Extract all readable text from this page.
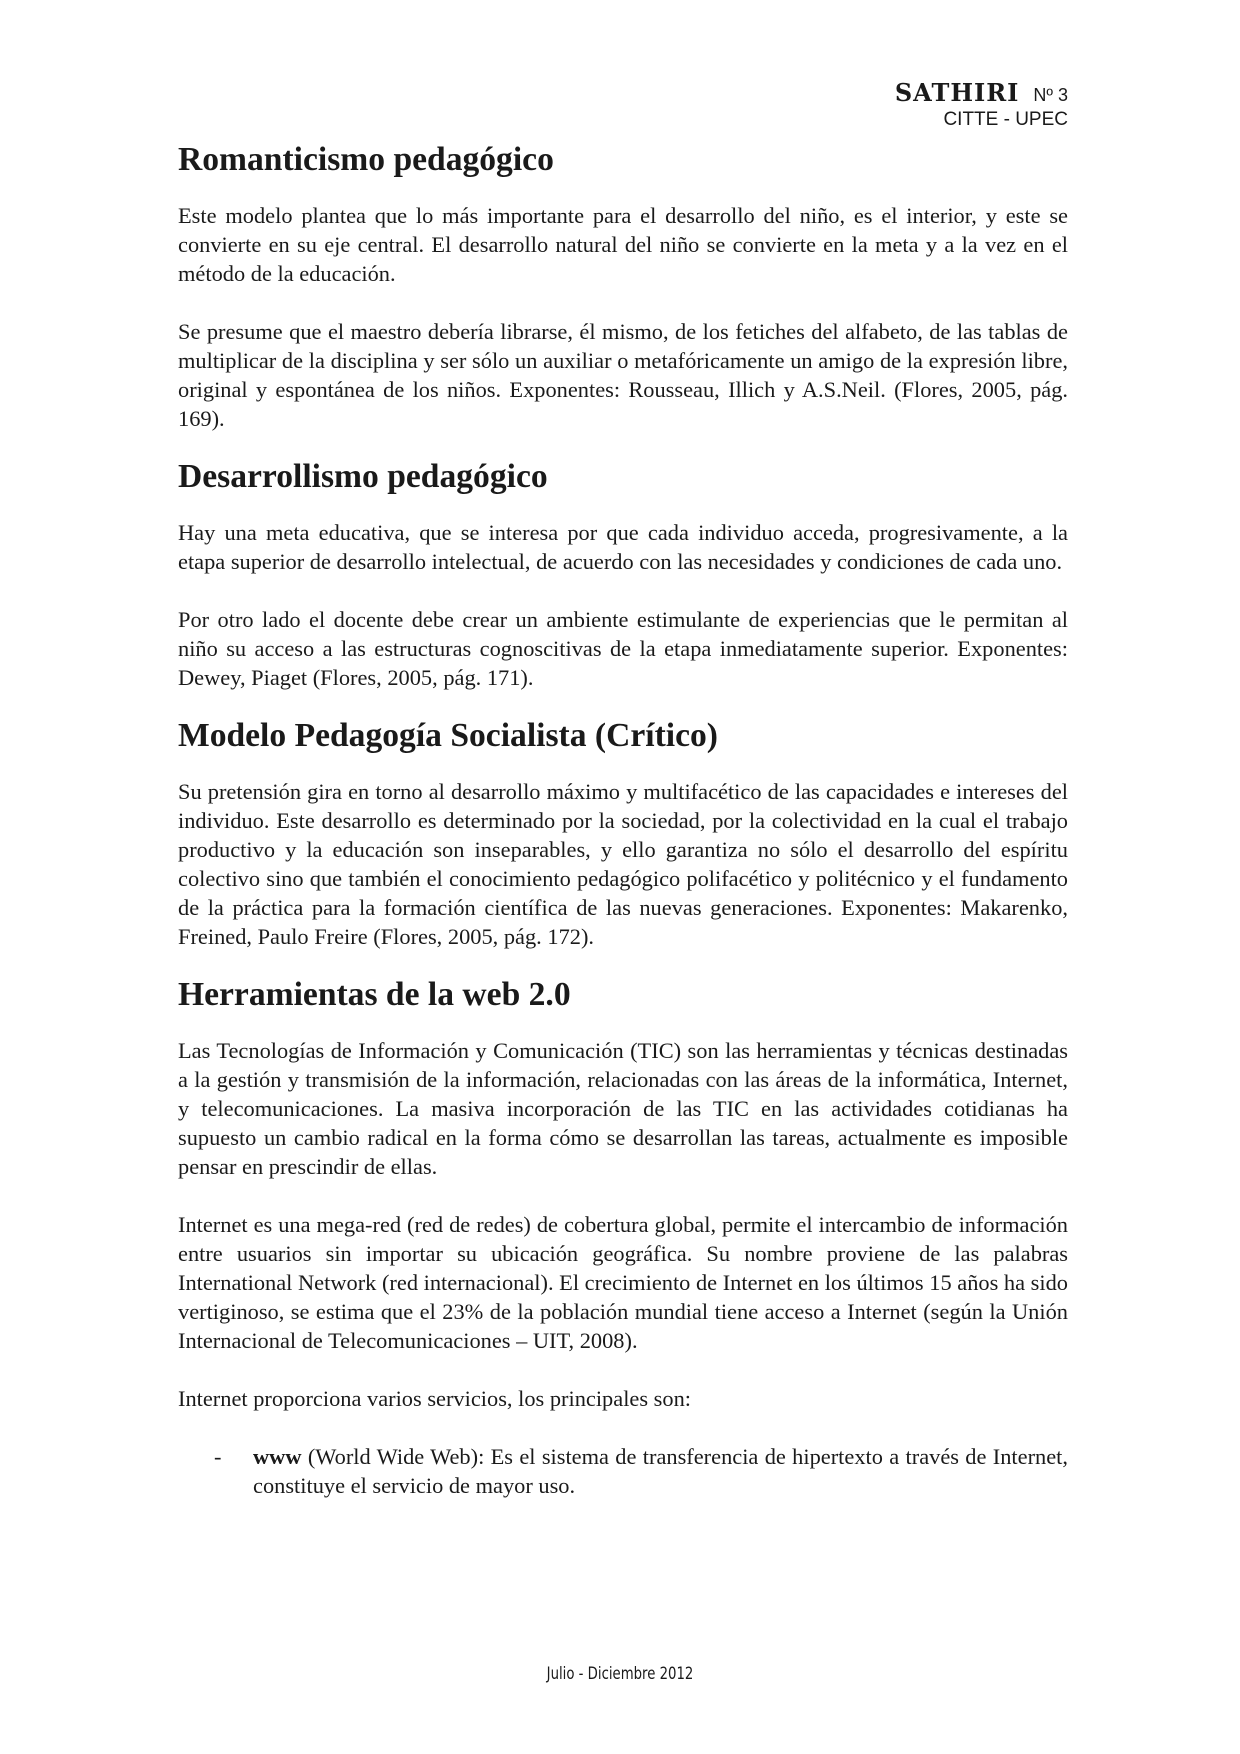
SATHIRI Nº 3
CITTE - UPEC
Romanticismo pedagógico

Este modelo plantea que lo más importante para el desarrollo del niño, es el interior, y este se convierte en su eje central. El desarrollo natural del niño se convierte en la meta y a la vez en el método de la educación.

Se presume que el maestro debería librarse, él mismo, de los fetiches del alfabeto, de las tablas de multiplicar de la disciplina y ser sólo un auxiliar o metafóricamente un amigo de la expresión libre, original y espontánea de los niños. Exponentes: Rousseau, Illich y A.S.Neil. (Flores, 2005, pág. 169).

Desarrollismo pedagógico

Hay una meta educativa, que se interesa por que cada individuo acceda, progresivamente, a la etapa superior de desarrollo intelectual, de acuerdo con las necesidades y condiciones de cada uno.

Por otro lado el docente debe crear un ambiente estimulante de experiencias que le permitan al niño su acceso a las estructuras cognoscitivas de la etapa inmediatamente superior. Exponentes: Dewey, Piaget (Flores, 2005, pág. 171).

Modelo Pedagogía Socialista (Crítico)

Su pretensión gira en torno al desarrollo máximo y multifacético de las capacidades e intereses del individuo. Este desarrollo es determinado por la sociedad, por la colectividad en la cual el trabajo productivo y la educación son inseparables, y ello garantiza no sólo el desarrollo del espíritu colectivo sino que también el conocimiento pedagógico polifacético y politécnico y el fundamento de la práctica para la formación científica de las nuevas generaciones. Exponentes: Makarenko, Freined, Paulo Freire (Flores, 2005, pág. 172).

Herramientas de la web 2.0

Las Tecnologías de Información y Comunicación (TIC) son las herramientas y técnicas destinadas a la gestión y transmisión de la información, relacionadas con las áreas de la informática, Internet, y telecomunicaciones. La masiva incorporación de las TIC en las actividades cotidianas ha supuesto un cambio radical en la forma cómo se desarrollan las tareas, actualmente es imposible pensar en prescindir de ellas.

Internet es una mega-red (red de redes) de cobertura global, permite el intercambio de información entre usuarios sin importar su ubicación geográfica. Su nombre proviene de las palabras International Network (red internacional). El crecimiento de Internet en los últimos 15 años ha sido vertiginoso, se estima que el 23% de la población mundial tiene acceso a Internet (según la Unión Internacional de Telecomunicaciones – UIT, 2008).

Internet proporciona varios servicios, los principales son:

- www (World Wide Web): Es el sistema de transferencia de hipertexto a través de Internet, constituye el servicio de mayor uso.
Julio - Diciembre 2012
